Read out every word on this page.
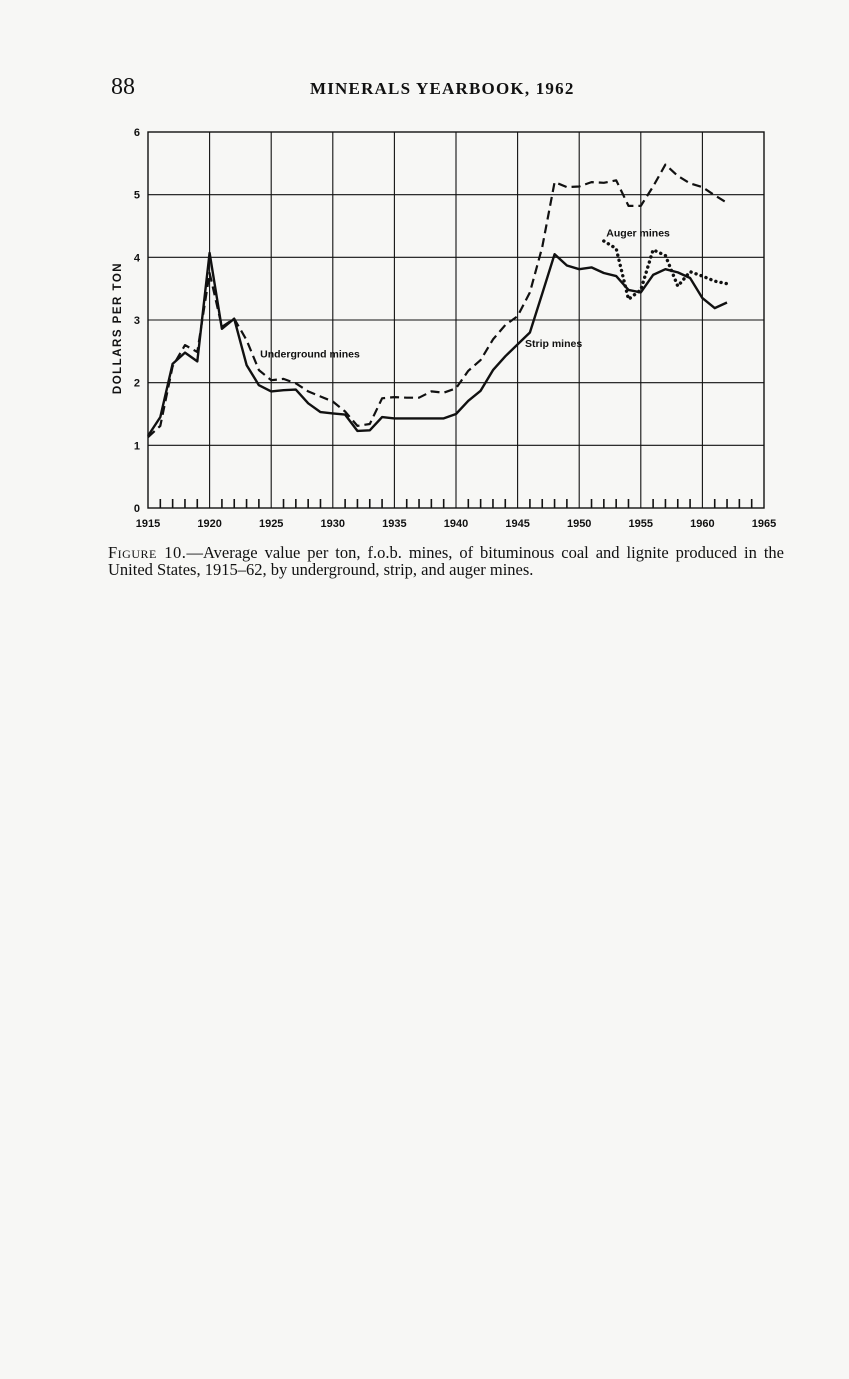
88	MINERALS YEARBOOK, 1962
0
1
2
3
4
5
6
1915	1920	1925	1930	1935	1940	1945	1950	1955	1960	1965
DOLLARS PER TON	Underground mines
Strip mines
Auger mines
Figure 10.—Average value per ton, f.o.b. mines, of bituminous coal and lignite produced in the United States, 1915–62, by underground, strip, and auger mines.
